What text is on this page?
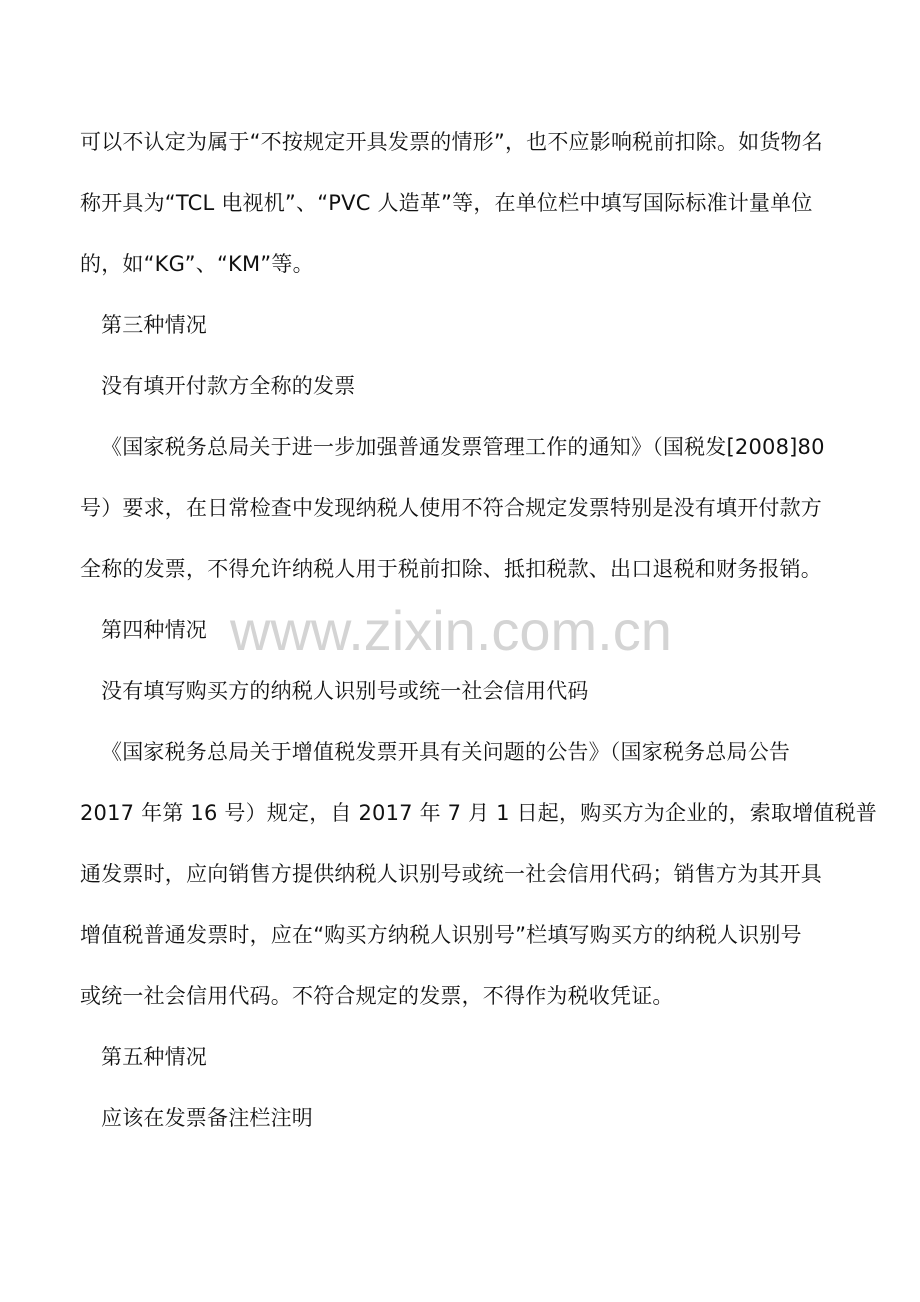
www.zixin.com.cn
可以不认定为属于“不按规定开具发票的情形”，也不应影响税前扣除。如货物名
称开具为“TCL 电视机”、“PVC 人造革”等，在单位栏中填写国际标准计量单位
的，如“KG”、“KM”等。
第三种情况
没有填开付款方全称的发票
《国家税务总局关于进一步加强普通发票管理工作的通知》（国税发[2008]80
号）要求，在日常检查中发现纳税人使用不符合规定发票特别是没有填开付款方
全称的发票，不得允许纳税人用于税前扣除、抵扣税款、出口退税和财务报销。
第四种情况
没有填写购买方的纳税人识别号或统一社会信用代码
《国家税务总局关于增值税发票开具有关问题的公告》（国家税务总局公告
2017 年第 16 号）规定，自 2017 年 7 月 1 日起，购买方为企业的，索取增值税普
通发票时，应向销售方提供纳税人识别号或统一社会信用代码；销售方为其开具
增值税普通发票时，应在“购买方纳税人识别号”栏填写购买方的纳税人识别号
或统一社会信用代码。不符合规定的发票，不得作为税收凭证。
第五种情况
应该在发票备注栏注明
